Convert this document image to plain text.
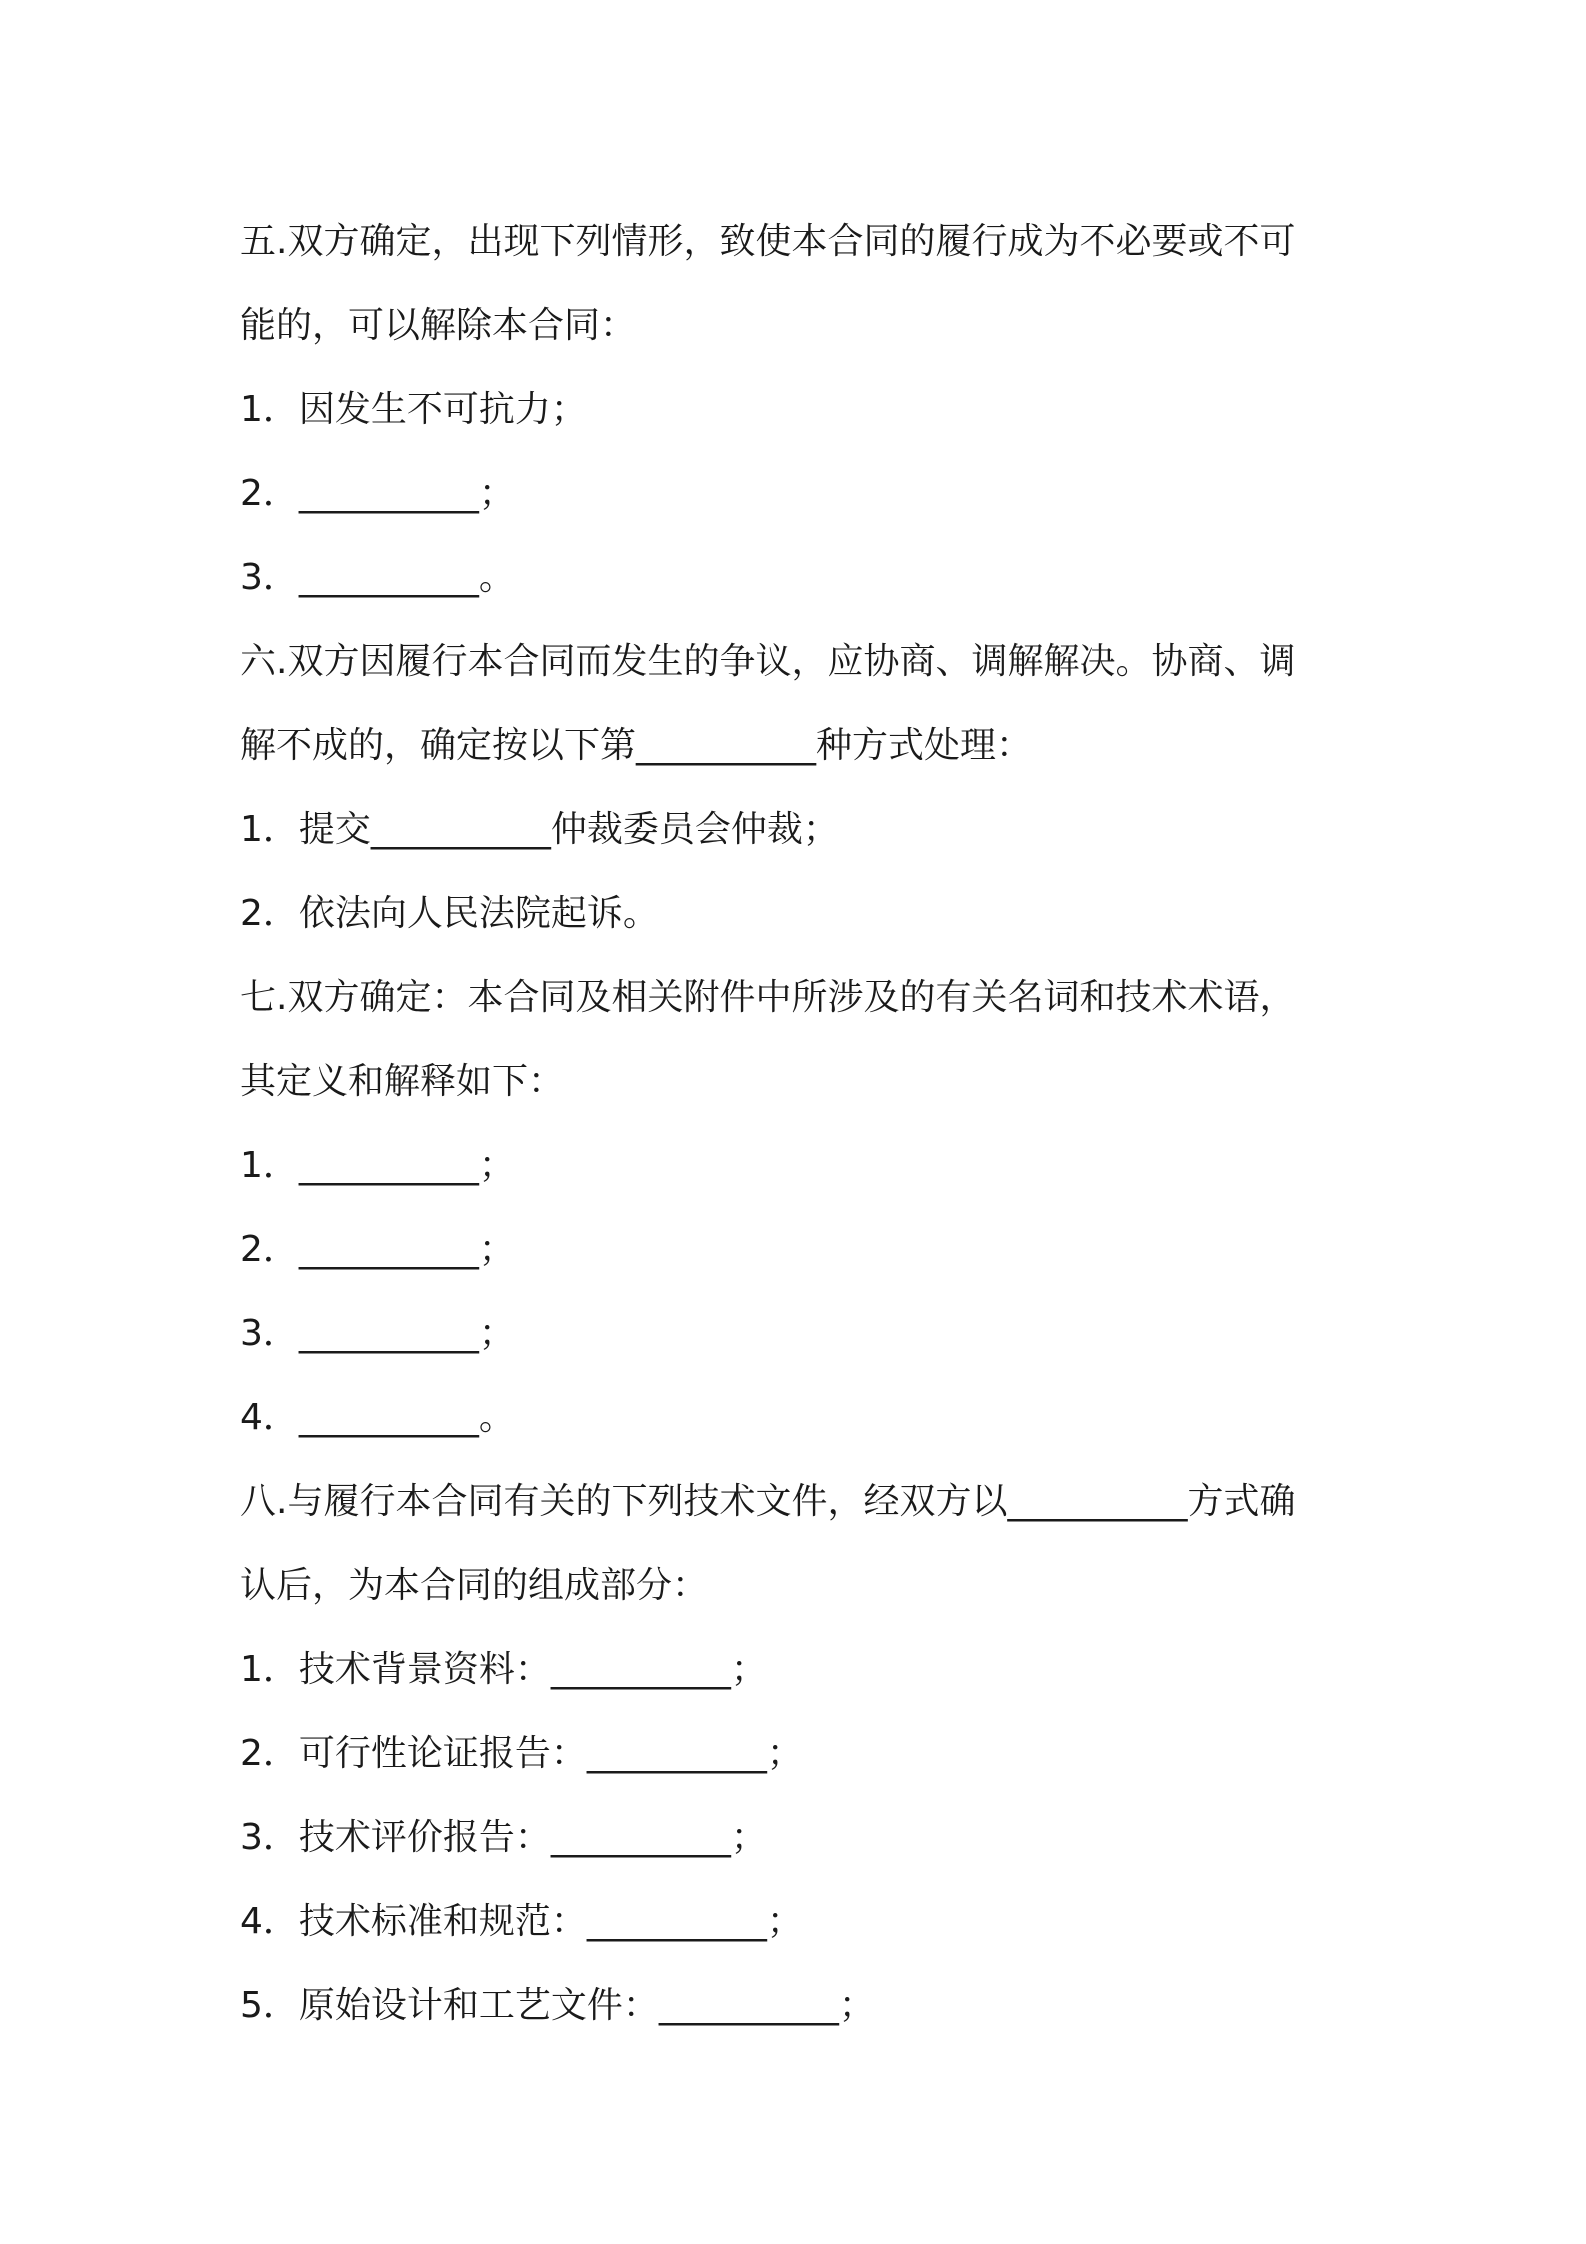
五.双方确定，出现下列情形，致使本合同的履行成为不必要或不可
能的，可以解除本合同：
1．因发生不可抗力；
2．__________；
3．__________。
六.双方因履行本合同而发生的争议，应协商、调解解决。协商、调
解不成的，确定按以下第__________种方式处理：
1．提交__________仲裁委员会仲裁；
2．依法向人民法院起诉。
七.双方确定：本合同及相关附件中所涉及的有关名词和技术术语，
其定义和解释如下：
1．__________；
2．__________；
3．__________；
4．__________。
八.与履行本合同有关的下列技术文件，经双方以__________方式确
认后，为本合同的组成部分：
1．技术背景资料：__________；
2．可行性论证报告：__________；
3．技术评价报告：__________；
4．技术标准和规范：__________；
5．原始设计和工艺文件：__________；
